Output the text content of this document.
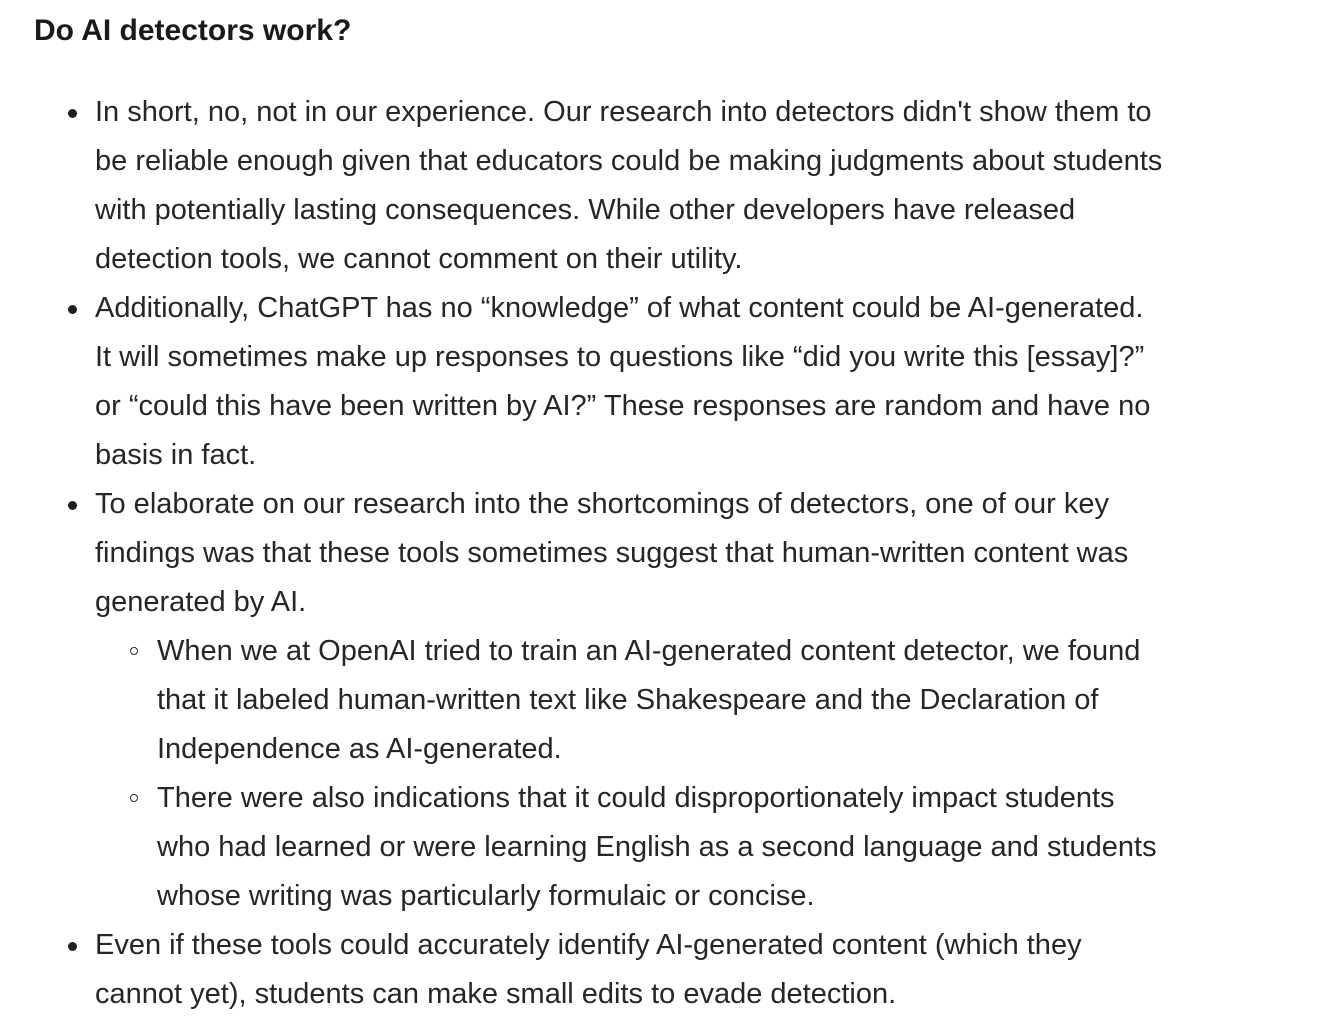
Do AI detectors work?
In short, no, not in our experience. Our research into detectors didn't show them to
be reliable enough given that educators could be making judgments about students
with potentially lasting consequences. While other developers have released
detection tools, we cannot comment on their utility.
Additionally, ChatGPT has no “knowledge” of what content could be AI-generated.
It will sometimes make up responses to questions like “did you write this [essay]?”
or “could this have been written by AI?” These responses are random and have no
basis in fact.
To elaborate on our research into the shortcomings of detectors, one of our key
findings was that these tools sometimes suggest that human-written content was
generated by AI.
When we at OpenAI tried to train an AI-generated content detector, we found
that it labeled human-written text like Shakespeare and the Declaration of
Independence as AI-generated.
There were also indications that it could disproportionately impact students
who had learned or were learning English as a second language and students
whose writing was particularly formulaic or concise.
Even if these tools could accurately identify AI-generated content (which they
cannot yet), students can make small edits to evade detection.
